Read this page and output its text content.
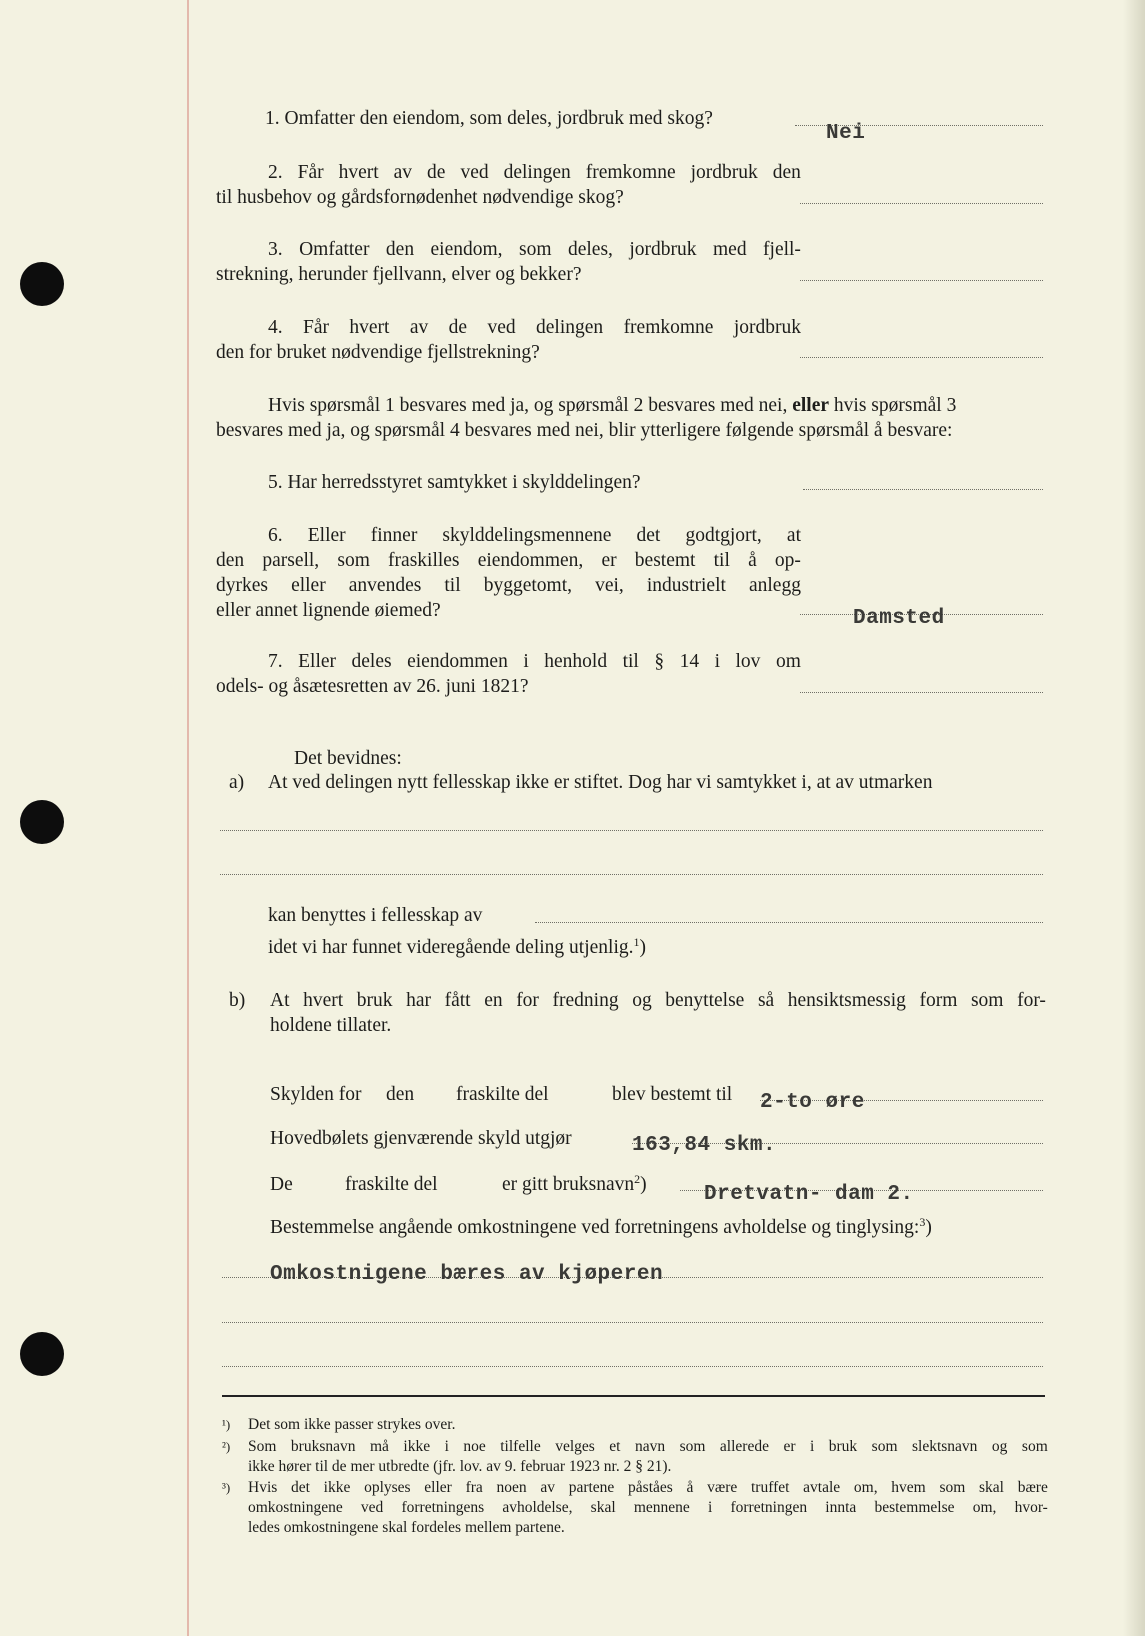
1. Omfatter den eiendom, som deles, jordbruk med skog?
Nei
2. Får hvert av de ved delingen fremkomne jordbruk den
til husbehov og gårdsfornødenhet nødvendige skog?
3. Omfatter den eiendom, som deles, jordbruk med fjell-
strekning, herunder fjellvann, elver og bekker?
4. Får hvert av de ved delingen fremkomne jordbruk
den for bruket nødvendige fjellstrekning?
Hvis spørsmål 1 besvares med ja, og spørsmål 2 besvares med nei, eller hvis spørsmål 3
besvares med ja, og spørsmål 4 besvares med nei, blir ytterligere følgende spørsmål å besvare:
5. Har herredsstyret samtykket i skylddelingen?
6. Eller finner skylddelingsmennene det godtgjort, at
den parsell, som fraskilles eiendommen, er bestemt til å op-
dyrkes eller anvendes til byggetomt, vei, industrielt anlegg
eller annet lignende øiemed?	Damsted
7. Eller deles eiendommen i henhold til § 14 i lov om
odels- og åsætesretten av 26. juni 1821?
Det bevidnes:
a) At ved delingen nytt fellesskap ikke er stiftet. Dog har vi samtykket i, at av utmarken
kan benyttes i fellesskap av
idet vi har funnet videregående deling utjenlig.$^1$)
b) At hvert bruk har fått en for fredning og benyttelse så hensiktsmessig form som for-
holdene tillater.
Skylden for den fraskilte del	blev bestemt til 2-to øre
Hovedbølets gjenværende skyld utgjør	163,84 skm.
De	fraskilte del	er gitt bruksnavn$^2$)	Dretvatn- dam 2.
Bestemmelse angående omkostningene ved forretningens avholdelse og tinglysing:$^3$)
Omkostnigene bæres av kjøperen
¹) Det som ikke passer strykes over.
²) Som bruksnavn må ikke i noe tilfelle velges et navn som allerede er i bruk som slektsnavn og som
ikke hører til de mer utbredte (jfr. lov. av 9. februar 1923 nr. 2 § 21).
³) Hvis det ikke oplyses eller fra noen av partene påståes å være truffet avtale om, hvem som skal bære
omkostningene ved forretningens avholdelse, skal mennene i forretningen inntа bestemmelse om, hvor-
ledes omkostningene skal fordeles mellem partene.
